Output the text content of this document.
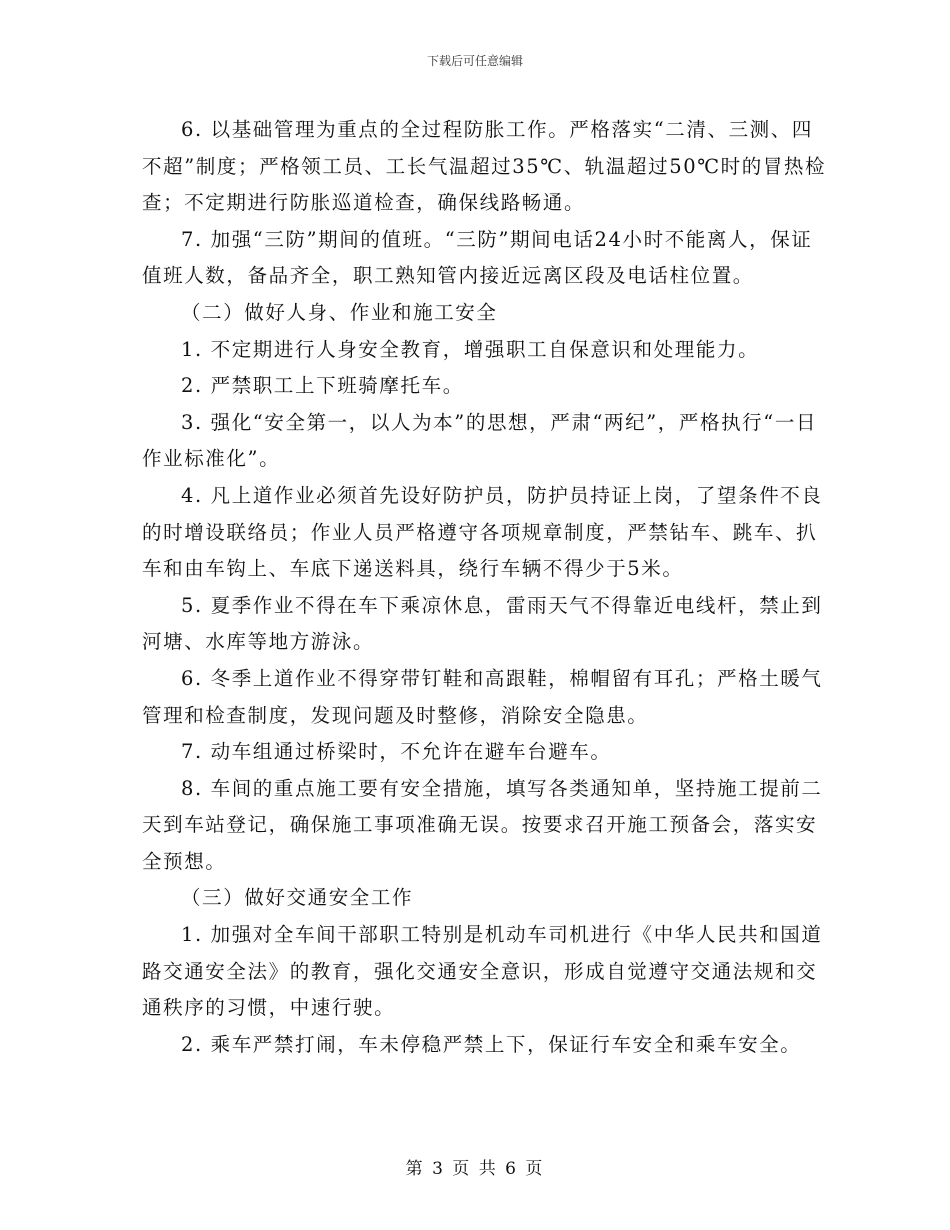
下载后可任意编辑

6. 以基础管理为重点的全过程防胀工作。严格落实“二清、三测、四不超”制度；严格领工员、工长气温超过35℃、轨温超过50℃时的冒热检查；不定期进行防胀巡道检查，确保线路畅通。

7. 加强“三防”期间的值班。“三防”期间电话24小时不能离人，保证值班人数，备品齐全，职工熟知管内接近远离区段及电话柱位置。

（二）做好人身、作业和施工安全

1. 不定期进行人身安全教育，增强职工自保意识和处理能力。

2. 严禁职工上下班骑摩托车。

3. 强化“安全第一，以人为本”的思想，严肃“两纪”，严格执行“一日作业标准化”。

4. 凡上道作业必须首先设好防护员，防护员持证上岗，了望条件不良的时增设联络员；作业人员严格遵守各项规章制度，严禁钻车、跳车、扒车和由车钩上、车底下递送料具，绕行车辆不得少于5米。

5. 夏季作业不得在车下乘凉休息，雷雨天气不得靠近电线杆，禁止到河塘、水库等地方游泳。

6. 冬季上道作业不得穿带钉鞋和高跟鞋，棉帽留有耳孔；严格土暖气管理和检查制度，发现问题及时整修，消除安全隐患。

7. 动车组通过桥梁时，不允许在避车台避车。

8. 车间的重点施工要有安全措施，填写各类通知单，坚持施工提前二天到车站登记，确保施工事项准确无误。按要求召开施工预备会，落实安全预想。

（三）做好交通安全工作

1. 加强对全车间干部职工特别是机动车司机进行《中华人民共和国道路交通安全法》的教育，强化交通安全意识，形成自觉遵守交通法规和交通秩序的习惯，中速行驶。

2. 乘车严禁打闹，车未停稳严禁上下，保证行车安全和乘车安全。

第 3 页 共 6 页
